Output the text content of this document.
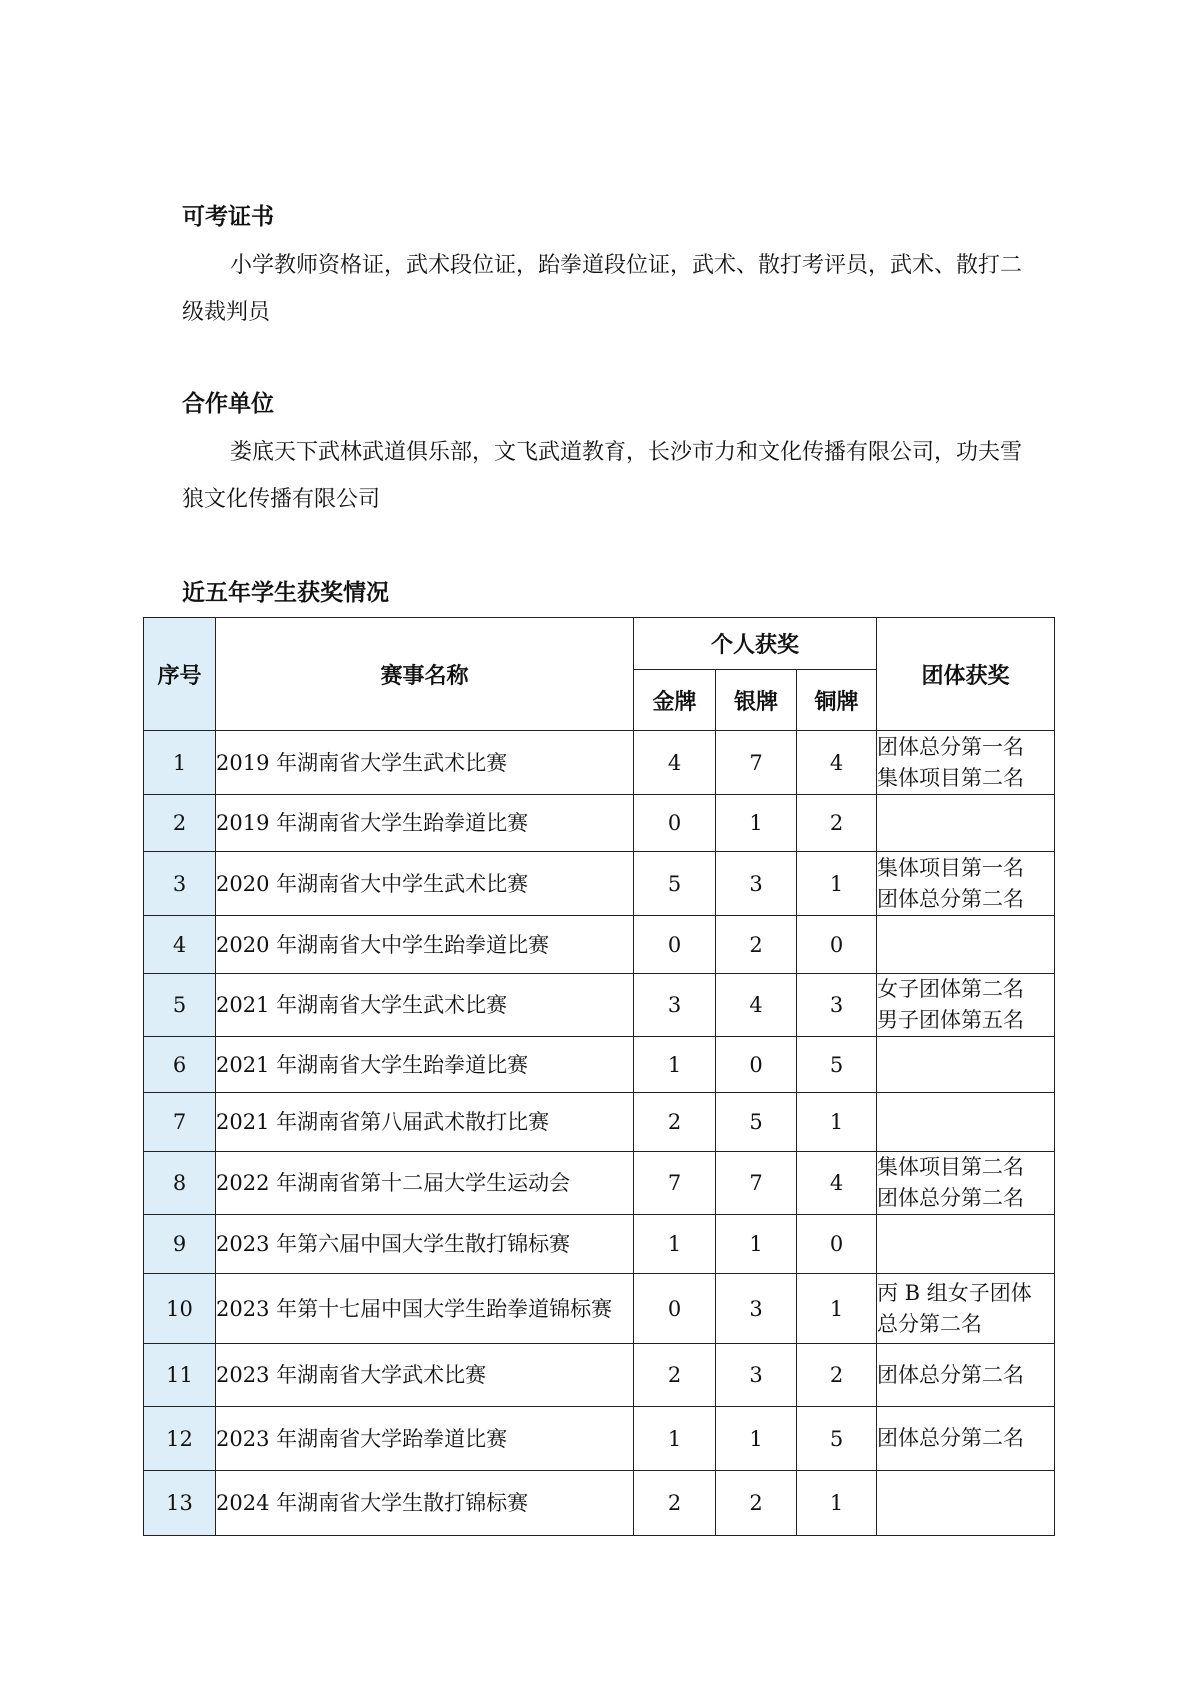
可考证书

小学教师资格证，武术段位证，跆拳道段位证，武术、散打考评员，武术、散打二级裁判员

合作单位

娄底天下武林武道俱乐部，文飞武道教育，长沙市力和文化传播有限公司，功夫雪狼文化传播有限公司

近五年学生获奖情况
序号	赛事名称	个人获奖			团体获奖
		金牌	银牌	铜牌	
1	2019 年湖南省大学生武术比赛	4	7	4	团体总分第一名
集体项目第二名

2	2019 年湖南省大学生跆拳道比赛	0	1	2	
3	2020 年湖南省大中学生武术比赛	5	3	1	集体项目第一名
团体总分第二名

4	2020 年湖南省大中学生跆拳道比赛	0	2	0	
5	2021 年湖南省大学生武术比赛	3	4	3	女子团体第二名
男子团体第五名

6	2021 年湖南省大学生跆拳道比赛	1	0	5	
7	2021 年湖南省第八届武术散打比赛	2	5	1	
8	2022 年湖南省第十二届大学生运动会	7	7	4	集体项目第二名
团体总分第二名

9	2023 年第六届中国大学生散打锦标赛	1	1	0	
10	2023 年第十七届中国大学生跆拳道锦标赛	0	3	1	丙 B 组女子团体
总分第二名

11	2023 年湖南省大学武术比赛	2	3	2	团体总分第二名

12	2023 年湖南省大学跆拳道比赛	1	1	5	团体总分第二名

13	2024 年湖南省大学生散打锦标赛	2	2	1	
